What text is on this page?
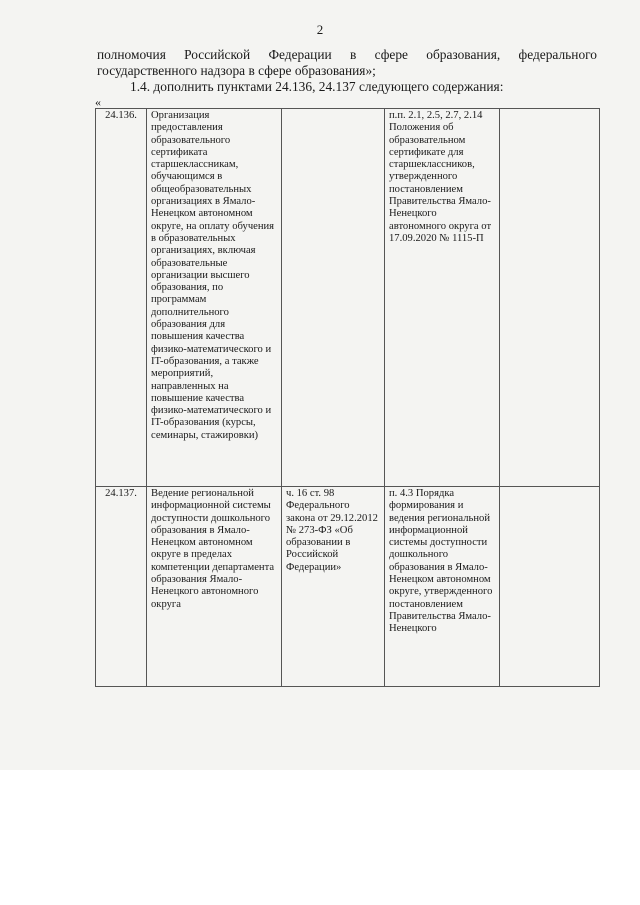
2

полномочия Российской Федерации в сфере образования, федерального государственного надзора в сфере образования»;

1.4. дополнить пунктами 24.136, 24.137 следующего содержания:

«
24.136.	Организация предоставления образовательного сертификата старшеклассникам, обучающимся в общеобразовательных организациях в Ямало-Ненецком автономном округе, на оплату обучения в образовательных организациях, включая образовательные организации высшего образования, по программам дополнительного образования для повышения качества физико-математического и IT-образования, а также мероприятий, направленных на повышение качества физико-математического и IT-образования (курсы, семинары, стажировки)		п.п. 2.1, 2.5, 2.7, 2.14 Положения об образовательном сертификате для старшеклассников, утвержденного постановлением Правительства Ямало-Ненецкого автономного округа от 17.09.2020 № 1115-П	
24.137.	Ведение региональной информационной системы доступности дошкольного образования в Ямало-Ненецком автономном округе в пределах компетенции департамента образования Ямало-Ненецкого автономного округа	ч. 16 ст. 98 Федерального закона от 29.12.2012 № 273-ФЗ «Об образовании в Российской Федерации»	п. 4.3 Порядка формирования и ведения региональной информационной системы доступности дошкольного образования в Ямало-Ненецком автономном округе, утвержденного постановлением Правительства Ямало-Ненецкого	
